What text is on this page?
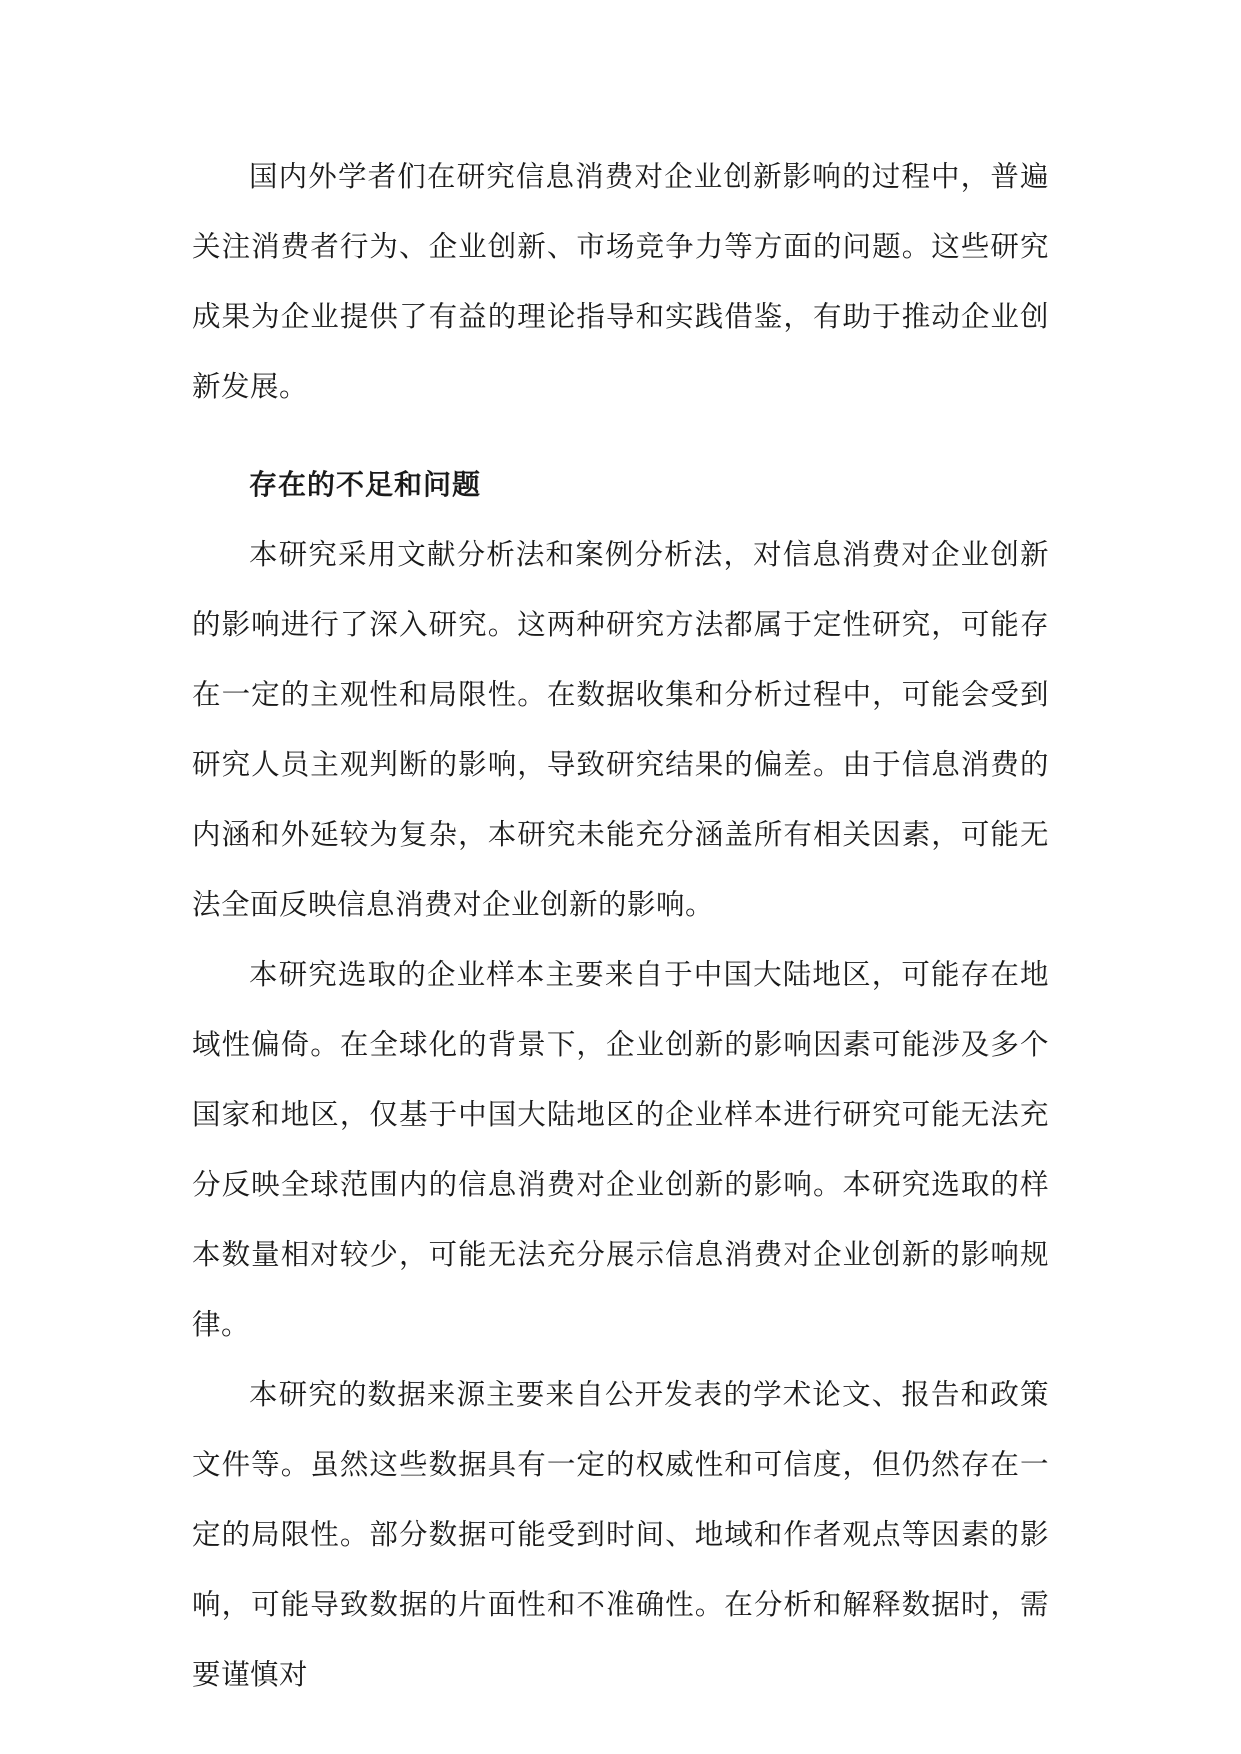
国内外学者们在研究信息消费对企业创新影响的过程中，普遍关注消费者行为、企业创新、市场竞争力等方面的问题。这些研究成果为企业提供了有益的理论指导和实践借鉴，有助于推动企业创新发展。

存在的不足和问题

本研究采用文献分析法和案例分析法，对信息消费对企业创新的影响进行了深入研究。这两种研究方法都属于定性研究，可能存在一定的主观性和局限性。在数据收集和分析过程中，可能会受到研究人员主观判断的影响，导致研究结果的偏差。由于信息消费的内涵和外延较为复杂，本研究未能充分涵盖所有相关因素，可能无法全面反映信息消费对企业创新的影响。

本研究选取的企业样本主要来自于中国大陆地区，可能存在地域性偏倚。在全球化的背景下，企业创新的影响因素可能涉及多个国家和地区，仅基于中国大陆地区的企业样本进行研究可能无法充分反映全球范围内的信息消费对企业创新的影响。本研究选取的样本数量相对较少，可能无法充分展示信息消费对企业创新的影响规律。

本研究的数据来源主要来自公开发表的学术论文、报告和政策文件等。虽然这些数据具有一定的权威性和可信度，但仍然存在一定的局限性。部分数据可能受到时间、地域和作者观点等因素的影响，可能导致数据的片面性和不准确性。在分析和解释数据时，需要谨慎对
